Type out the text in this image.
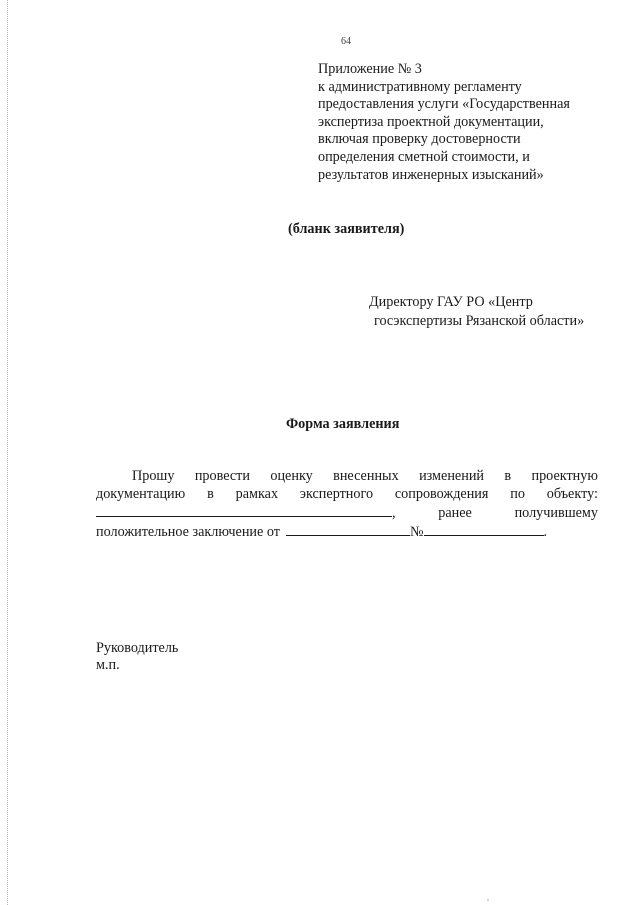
64
Приложение № 3
к административному регламенту
предоставления услуги «Государственная
экспертиза проектной документации,
включая проверку достоверности
определения сметной стоимости, и
результатов инженерных изысканий»
(бланк заявителя)
Директору ГАУ РО «Центр
госэкспертизы Рязанской области»
Форма заявления
Прошу провести оценку внесенных изменений в проектную
документацию в рамках экспертного сопровождения по объекту:
,	ранее	получившему
положительное заключение от	№	.
Руководитель
м.п.
,
